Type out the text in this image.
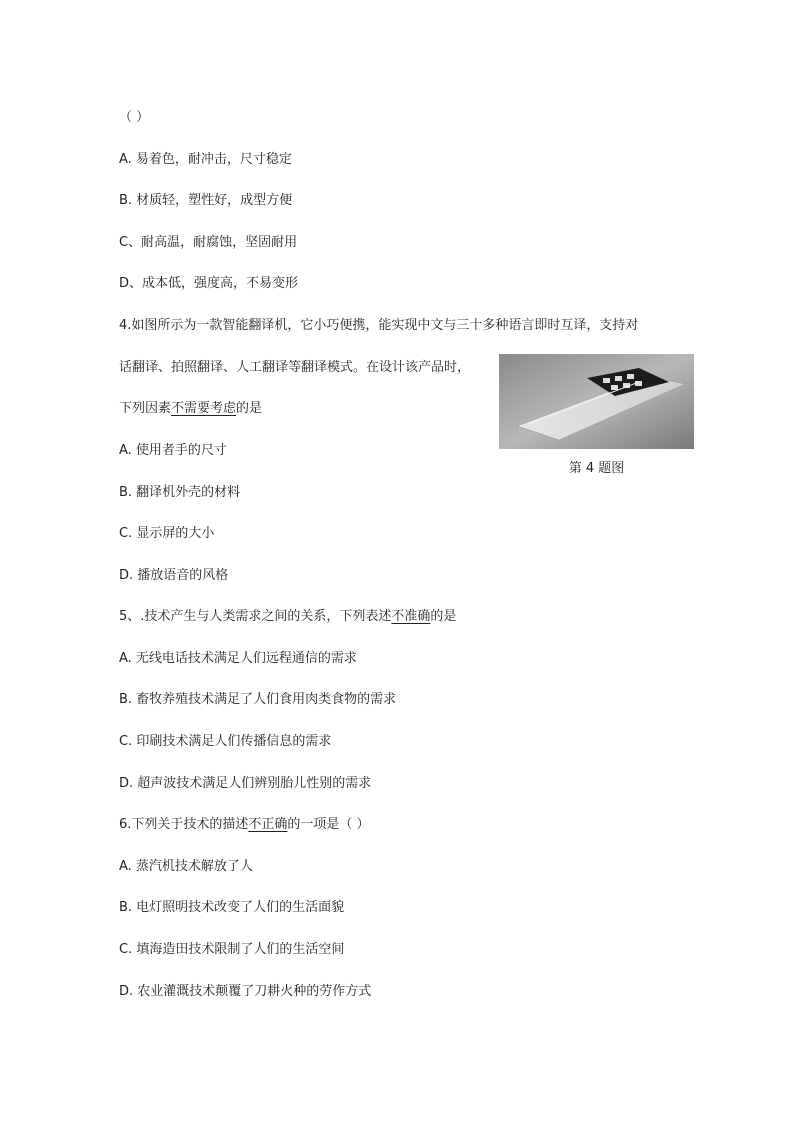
（ ）
A. 易着色，耐冲击，尺寸稳定
B. 材质轻，塑性好，成型方便
C、耐高温，耐腐蚀，坚固耐用
D、成本低，强度高，不易变形
4.如图所示为一款智能翻译机，它小巧便携，能实现中文与三十多种语言即时互译，支持对
话翻译、拍照翻译、人工翻译等翻译模式。在设计该产品时，
下列因素不需要考虑的是
A. 使用者手的尺寸
B. 翻译机外壳的材料
C. 显示屏的大小
D. 播放语音的风格
第 4 题图
5、.技术产生与人类需求之间的关系，下列表述不准确的是
A. 无线电话技术满足人们远程通信的需求
B. 畜牧养殖技术满足了人们食用肉类食物的需求
C. 印刷技术满足人们传播信息的需求
D. 超声波技术满足人们辨别胎儿性别的需求
6.下列关于技术的描述不正确的一项是（ ）
A. 蒸汽机技术解放了人
B. 电灯照明技术改变了人们的生活面貌
C. 填海造田技术限制了人们的生活空间
D. 农业灌溉技术颠覆了刀耕火种的劳作方式
